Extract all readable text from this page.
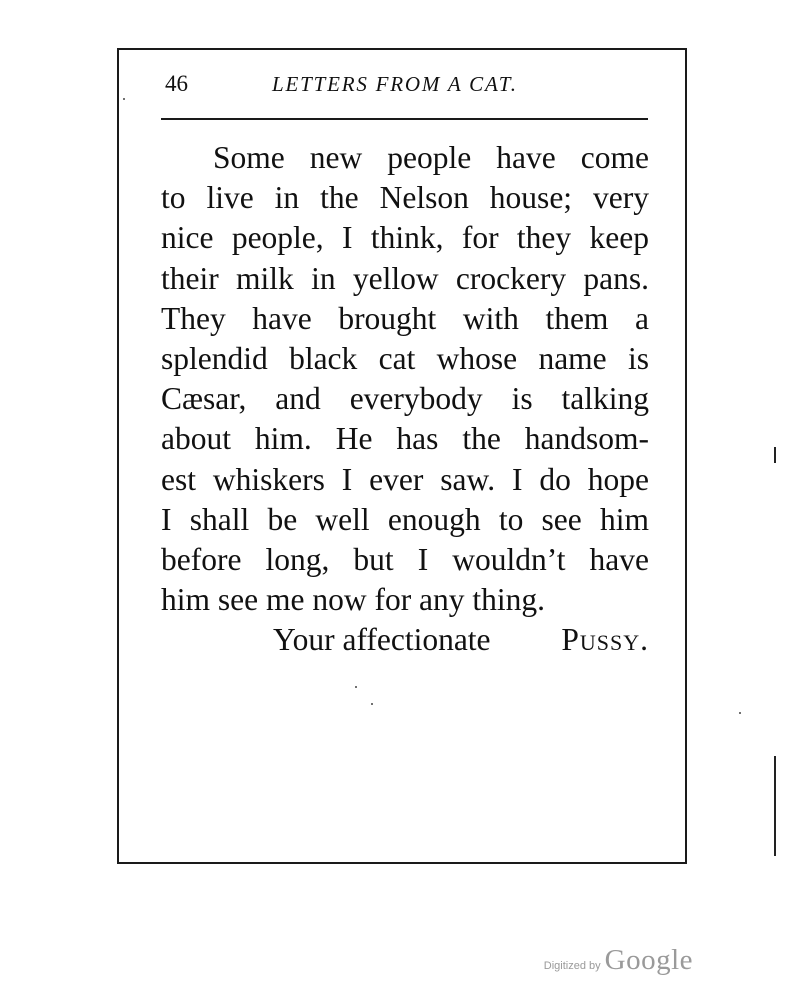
46	LETTERS FROM A CAT.
Some new people have come
to live in the Nelson house; very
nice people, I think, for they keep
their milk in yellow crockery pans.
They have brought with them a
splendid black cat whose name is
Cæsar, and everybody is talking
about him. He has the handsom-
est whiskers I ever saw. I do hope
I shall be well enough to see him
before long, but I wouldn’t have
him see me now for any thing.
Your affectionate Pussy.
Digitized by Google
